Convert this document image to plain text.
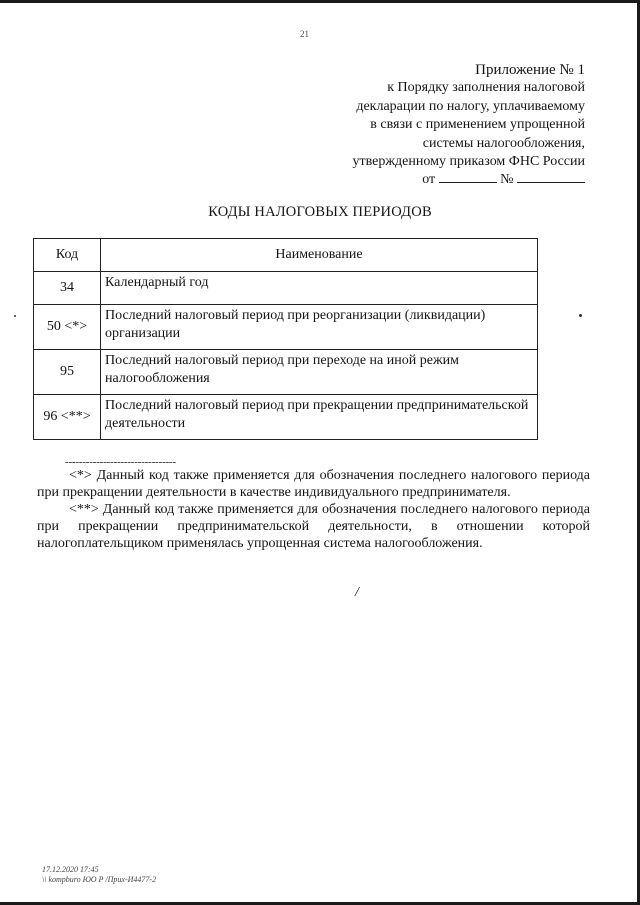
21
Приложение № 1
к Порядку заполнения налоговой
декларации по налогу, уплачиваемому
в связи с применением упрощенной
системы налогообложения,
утвержденному приказом ФНС России
от	№
КОДЫ НАЛОГОВЫХ ПЕРИОДОВ
Код	Наименование
34	Календарный год
50 <*>	Последний налоговый период при реорганизации (ликвидации) организации
95	Последний налоговый период при переходе на иной режим налогообложения
96 <**>	Последний налоговый период при прекращении предпринимательской деятельности
--------------------------------

<*> Данный код также применяется для обозначения последнего налогового периода при прекращении деятельности в качестве индивидуального предпринимателя.

<**> Данный код также применяется для обозначения последнего налогового периода при прекращении предпринимательской деятельности, в отношении которой налогоплательщиком применялась упрощенная система налогообложения.

/
17.12.2020 17:45
\\ kompburo ЮО Р /Приx-И4477-2
